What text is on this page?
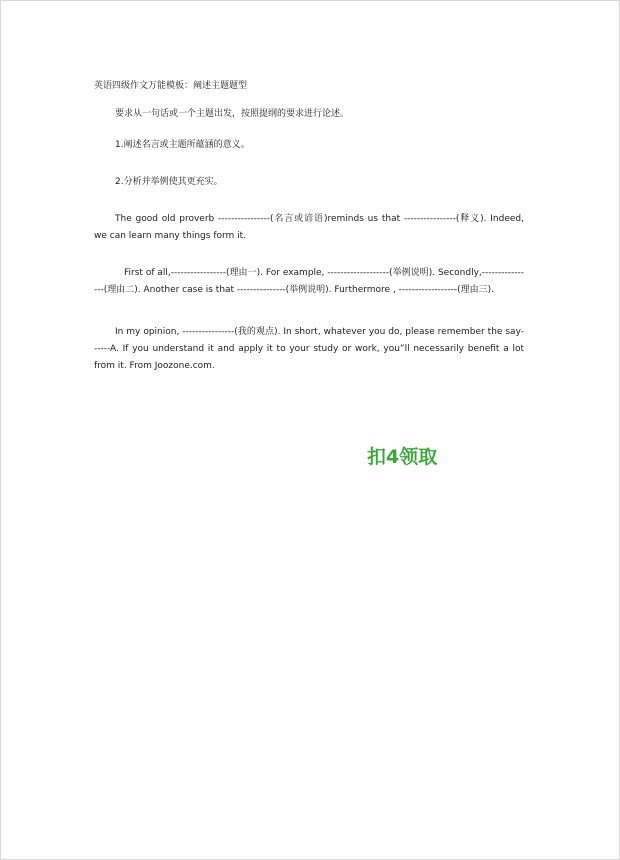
英语四级作文万能模板：阐述主题题型

要求从一句话或一个主题出发，按照提纲的要求进行论述。

1.阐述名言或主题所蕴涵的意义。

2.分析并举例使其更充实。

The good old proverb ----------------(名言或谚语)reminds us that ----------------(释义). Indeed, we can learn many things form it.

First of all,-----------------(理由一). For example, -------------------(举例说明). Secondly,----------------(理由二). Another case is that ---------------(举例说明). Furthermore , ------------------(理由三).

In my opinion, ----------------(我的观点). In short, whatever you do, please remember the say------A. If you understand it and apply it to your study or work, you”ll necessarily benefit a lot from it. From Joozone.com.

扣4领取
